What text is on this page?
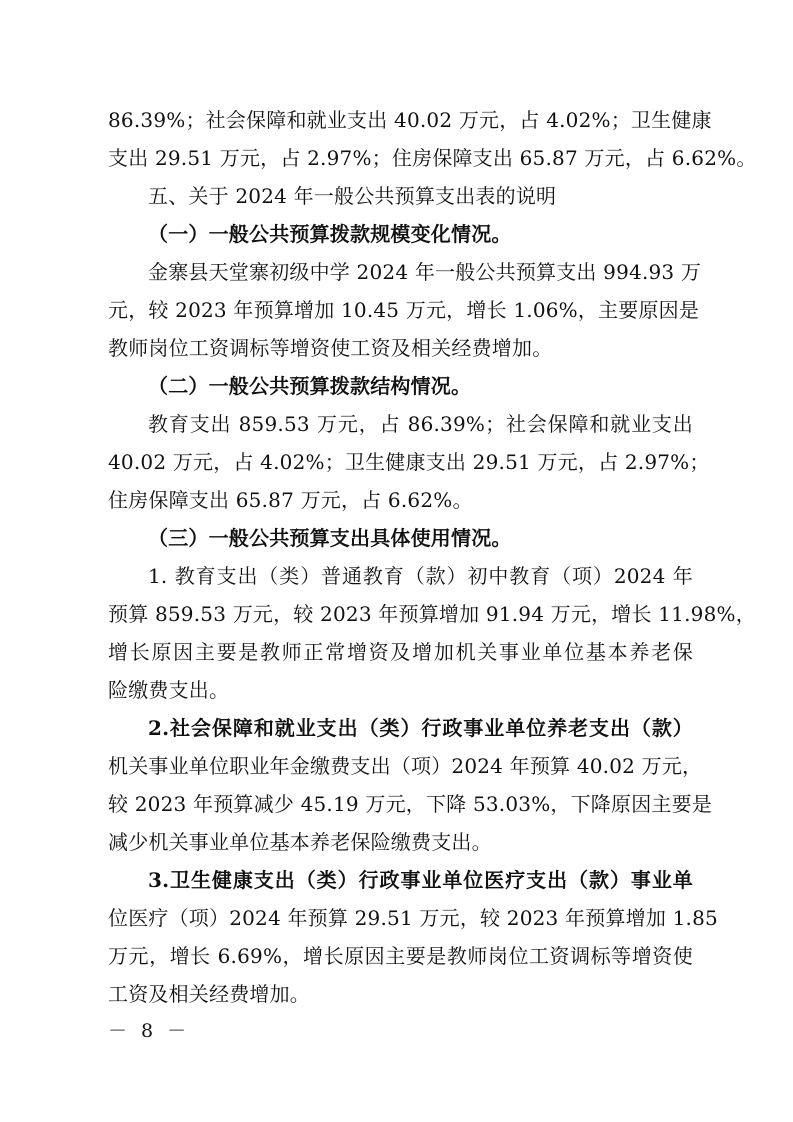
86.39%；社会保障和就业支出 40.02 万元，占 4.02%；卫生健康
支出 29.51 万元，占 2.97%；住房保障支出 65.87 万元，占 6.62%。
五、关于 2024 年一般公共预算支出表的说明
（一）一般公共预算拨款规模变化情况。
金寨县天堂寨初级中学 2024 年一般公共预算支出 994.93 万
元，较 2023 年预算增加 10.45 万元，增长 1.06%，主要原因是
教师岗位工资调标等增资使工资及相关经费增加。
（二）一般公共预算拨款结构情况。
教育支出 859.53 万元，占 86.39%；社会保障和就业支出
40.02 万元，占 4.02%；卫生健康支出 29.51 万元，占 2.97%；
住房保障支出 65.87 万元，占 6.62%。
（三）一般公共预算支出具体使用情况。
1. 教育支出（类）普通教育（款）初中教育（项）2024 年
预算 859.53 万元，较 2023 年预算增加 91.94 万元，增长 11.98%，
增长原因主要是教师正常增资及增加机关事业单位基本养老保
险缴费支出。
2.社会保障和就业支出（类）行政事业单位养老支出（款）
机关事业单位职业年金缴费支出（项）2024 年预算 40.02 万元，
较 2023 年预算减少 45.19 万元，下降 53.03%，下降原因主要是
减少机关事业单位基本养老保险缴费支出。
3.卫生健康支出（类）行政事业单位医疗支出（款）事业单
位医疗（项）2024 年预算 29.51 万元，较 2023 年预算增加 1.85
万元，增长 6.69%，增长原因主要是教师岗位工资调标等增资使
工资及相关经费增加。
－ 8 －
